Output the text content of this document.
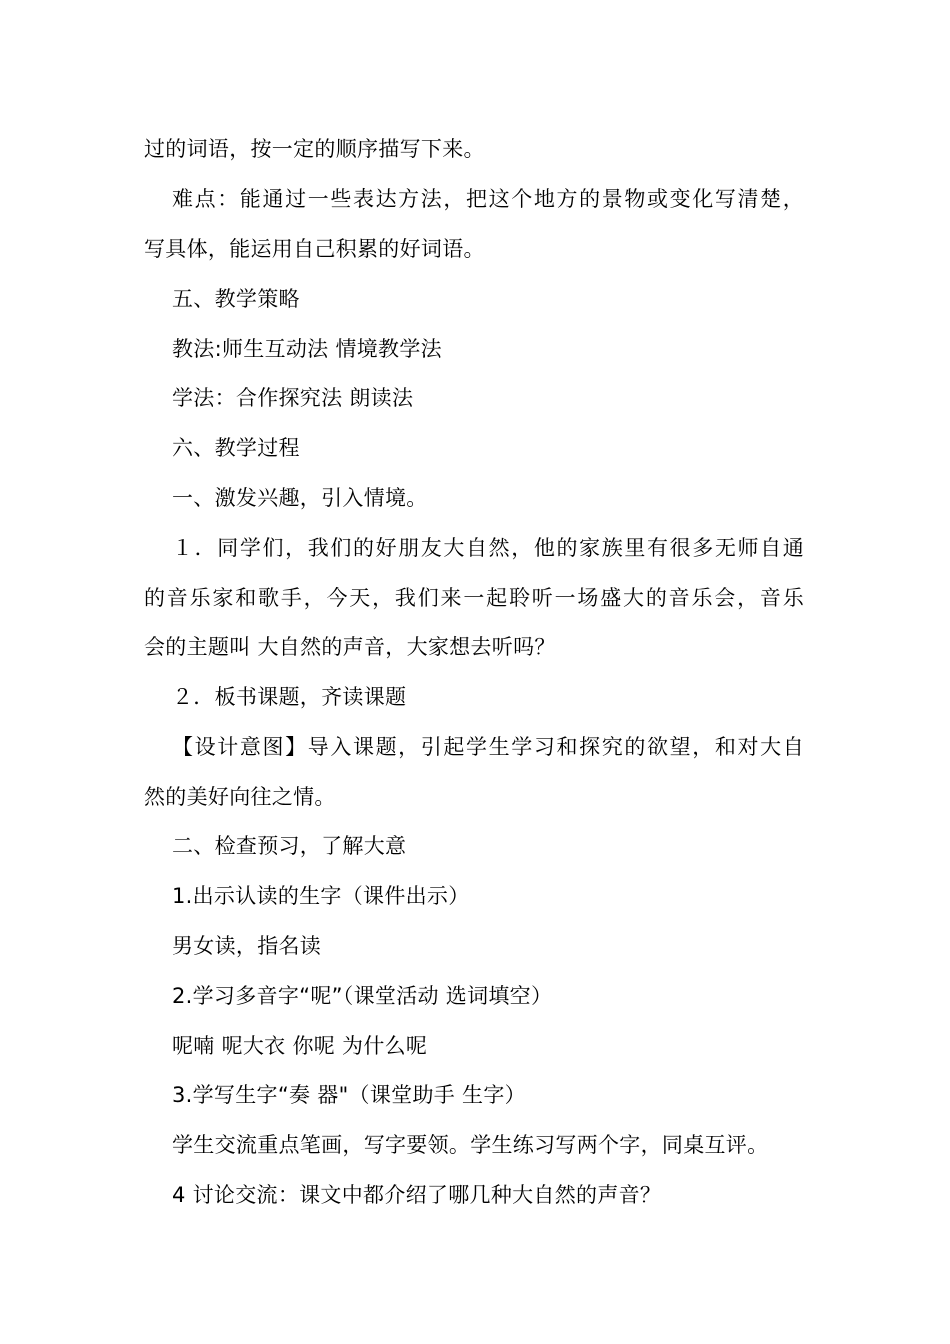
过的词语，按一定的顺序描写下来。
难点：能通过一些表达方法，把这个地方的景物或变化写清楚，
写具体，能运用自己积累的好词语。
五、教学策略
教法:师生互动法 情境教学法
学法：合作探究法 朗读法
六、教学过程
一、激发兴趣，引入情境。
１．同学们，我们的好朋友大自然，他的家族里有很多无师自通
的音乐家和歌手，今天，我们来一起聆听一场盛大的音乐会，音乐
会的主题叫 大自然的声音，大家想去听吗？
２．板书课题，齐读课题
【设计意图】导入课题，引起学生学习和探究的欲望，和对大自
然的美好向往之情。
二、检查预习，了解大意
1.出示认读的生字（课件出示）
男女读，指名读
2.学习多音字“呢”（课堂活动 选词填空）
呢喃 呢大衣 你呢 为什么呢
3.学写生字“奏 器"（课堂助手 生字）
学生交流重点笔画，写字要领。学生练习写两个字，同桌互评。
4 讨论交流：课文中都介绍了哪几种大自然的声音？
